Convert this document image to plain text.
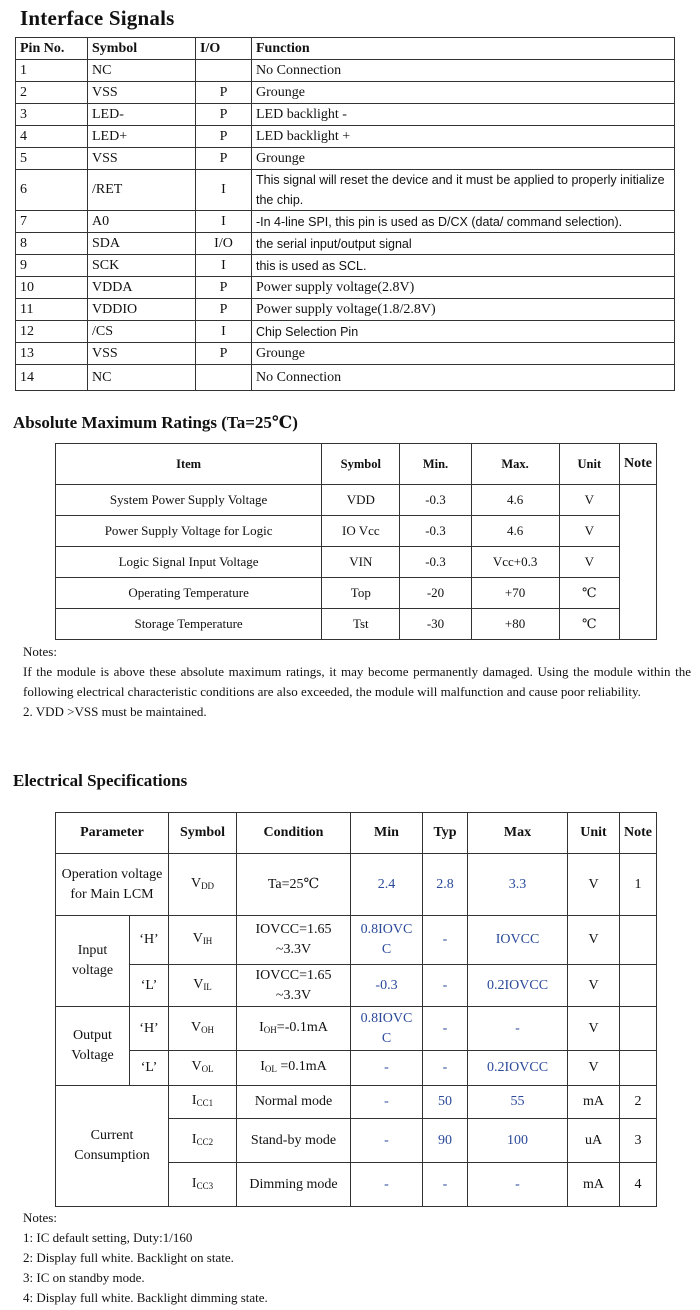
Interface Signals
Pin No.	Symbol	I/O	Function
1	NC		No Connection
2	VSS	P	Grounge
3	LED-	P	LED backlight -
4	LED+	P	LED backlight +
5	VSS	P	Grounge
6	/RET	I	This signal will reset the device and it must be applied to properly initialize the chip.
7	A0	I	-In 4-line SPI, this pin is used as D/CX (data/ command selection).
8	SDA	I/O	the serial input/output signal
9	SCK	I	this is used as SCL.
10	VDDA	P	Power supply voltage(2.8V)
11	VDDIO	P	Power supply voltage(1.8/2.8V)
12	/CS	I	Chip Selection Pin
13	VSS	P	Grounge
14	NC		No Connection
Absolute Maximum Ratings (Ta=25℃)
Item	Symbol	Min.	Max.	Unit	Note
System Power Supply Voltage	VDD	-0.3	4.6	V	
Power Supply Voltage for Logic	IO Vcc	-0.3	4.6	V	
Logic Signal Input Voltage	VIN	-0.3	Vcc+0.3	V	
Operating Temperature	Top	-20	+70	℃	
Storage Temperature	Tst	-30	+80	℃	
Notes:
If the module is above these absolute maximum ratings, it may become permanently damaged. Using the module within the following electrical characteristic conditions are also exceeded, the module will malfunction and cause poor reliability.
2. VDD >VSS must be maintained.
Electrical Specifications
Parameter		Symbol	Condition	Min	Typ	Max	Unit	Note
Operation voltage for Main LCM		$V_{DD}$	Ta=25℃	2.4	2.8	3.3	V	1
Input voltage	‘H’	$V_{IH}$	IOVCC=1.65 ~3.3V	0.8IOVC C	-	IOVCC	V	
	‘L’	$V_{IL}$	IOVCC=1.65 ~3.3V	-0.3	-	0.2IOVCC	V	
Output Voltage	‘H’	$V_{OH}$	$I_{OH}=-0.1mA$	0.8IOVC C	-	-	V	
	‘L’	$V_{OL}$	$I_{OL} =0.1mA$	-	-	0.2IOVCC	V	
Current Consumption		$I_{CC1}$	Normal mode	-	50	55	mA	2
		$I_{CC2}$	Stand-by mode	-	90	100	uA	3
		$I_{CC3}$	Dimming mode	-	-	-	mA	4
Notes:
1: IC default setting, Duty:1/160
2: Display full white. Backlight on state.
3: IC on standby mode.
4: Display full white. Backlight dimming state.
